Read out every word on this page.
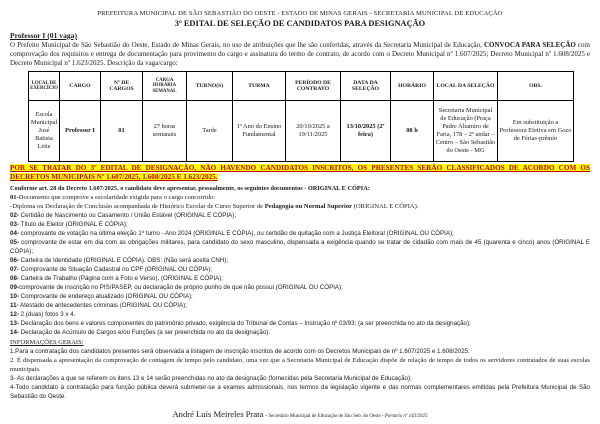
PREFEITURA MUNICIPAL DE SÃO SEBASTIÃO DO OESTE - ESTADO DE MINAS GERAIS - SECRETARIA MUNICIPAL DE EDUCAÇÃO
3º EDITAL DE SELEÇÃO DE CANDIDATOS PARA DESIGNAÇÃO
Professor I (01 vaga)
O Prefeito Municipal de São Sebastião do Oeste, Estado de Minas Gerais, no uso de atribuições que lhe são conferidas, através da Secretaria Municipal de Educação, CONVOCA PARA SELEÇÃO com comprovação dos requisitos e entrega de documentação para provimento do cargo e assinatura do termo de contrato, de acordo com o Decreto Municipal nº 1.607/2025; Decreto Municipal nº 1.608/2025 e Decreto Municipal nº 1.623/2025. Descrição da vaga/cargo:
LOCAL DE EXERCÍCIO	CARGO	Nº DE CARGOS	CARGA HORÁRIA SEMANAL	TURNO(S)	TURMA	PERÍODO DE CONTRATO	DATA DA SELEÇÃO	HORÁRIO	LOCAL DA SELEÇÃO	OBS.
Escola Municipal José Batista Leite	Professor I	01	27 horas semanais	Tarde	1º Ano do Ensino Fundamental	20/10/2025 a 19/11/2025	13/10/2025 (2ª feira)	08 h	Secretaria Municipal de Educação (Praça Padre Altamiro de Faria, 178 – 2º andar – Centro – São Sebastião do Oeste - MG	Em substituição a Professora Efetiva em Gozo de Férias-prêmio
POR SE TRATAR DO 3º EDITAL DE DESIGNAÇÃO, NÃO HAVENDO CANDIDATOS INSCRITOS, OS PRESENTES SERÃO CLASSIFICADOS DE ACORDO COM OS
DECRETOS MUNICIPAIS Nº 1.607/2025, 1.608/2025 E 1.623/2025.
Conforme art. 28 do Decreto 1.607/2025, o candidato deve apresentar, pessoalmente, os seguintes documentos - ORIGINAL E CÓPIA:
01-Documento que comprove a escolaridade exigida para o cargo concorrido:
-Diploma ou Declaração de Conclusão acompanhada de Histórico Escolar de Curso Superior de Pedagogia ou Normal Superior (ORIGINAL E CÓPIA).
02- Certidão de Nascimento ou Casamento / União Estável (ORIGINAL E CÓPIA);
03- Título de Eleitor (ORIGINAL E CÓPIA);
04- comprovante de votação na última eleição 1º turno - Ano 2024 (ORIGINAL E CÓPIA), ou certidão de quitação com a Justiça Eleitoral (ORIGINAL OU CÓPIA);
05- comprovante de estar em dia com as obrigações militares, para candidato do sexo masculino, dispensada a exigência quando se tratar de cidadão com mais de 45 (quarenta e cinco) anos (ORIGINAL E CÓPIA);
06- Carteira de Identidade (ORIGINAL E CÓPIA). OBS: (Não será aceita CNH);
07- Comprovante de Situação Cadastral no CPF (ORIGINAL OU CÓPIA);
08- Carteira de Trabalho (Página com a Foto e Verso), (ORIGINAL E CÓPIA);
09-comprovante de inscrição no PIS/PASEP, ou declaração de próprio punho de que não possui (ORIGINAL OU CÓPIA);
10- Comprovante de endereço atualizado (ORIGINAL OU CÓPIA);
11- Atestado de antecedentes criminais (ORIGINAL OU CÓPIA);
12- 2 (duas) fotos 3 x 4.
13- Declaração dos bens e valores componentes do patrimônio privado, exigência do Tribunal de Contas – Instrução nº 03/93; (a ser preenchida no ato da designação);
14- Declaração de Acúmulo de Cargos e/ou Funções (a ser preenchida no ato da designação).
INFORMAÇÕES GERAIS:
1.Para a contratação dos candidatos presentes será observada a listagem de inscrição inscritos de acordo com os Decretos Municipais de nº 1.607/2025 e 1.608/2025;
2. É dispensada a apresentação da comprovação de contagem de tempo pelo candidato, uma vez que a Secretaria Municipal de Educação dispõe de relação de tempo de todos os servidores contratados de suas escolas municipais.
3- As declarações a que se referem os itens 13 e 14 serão preenchidas no ato da designação (fornecidas pela Secretaria Municipal de Educação);
4-Todo candidato à contratação para função pública deverá submeter-se a exames admissionais, nos termos da legislação vigente e das normas complementares emitidas pela Prefeitura Municipal de São Sebastião do Oeste.
André Luís Meireles Prata - Secretário Municipal de Educação de São Seb. do Oeste - Portaria nº 143/2025
